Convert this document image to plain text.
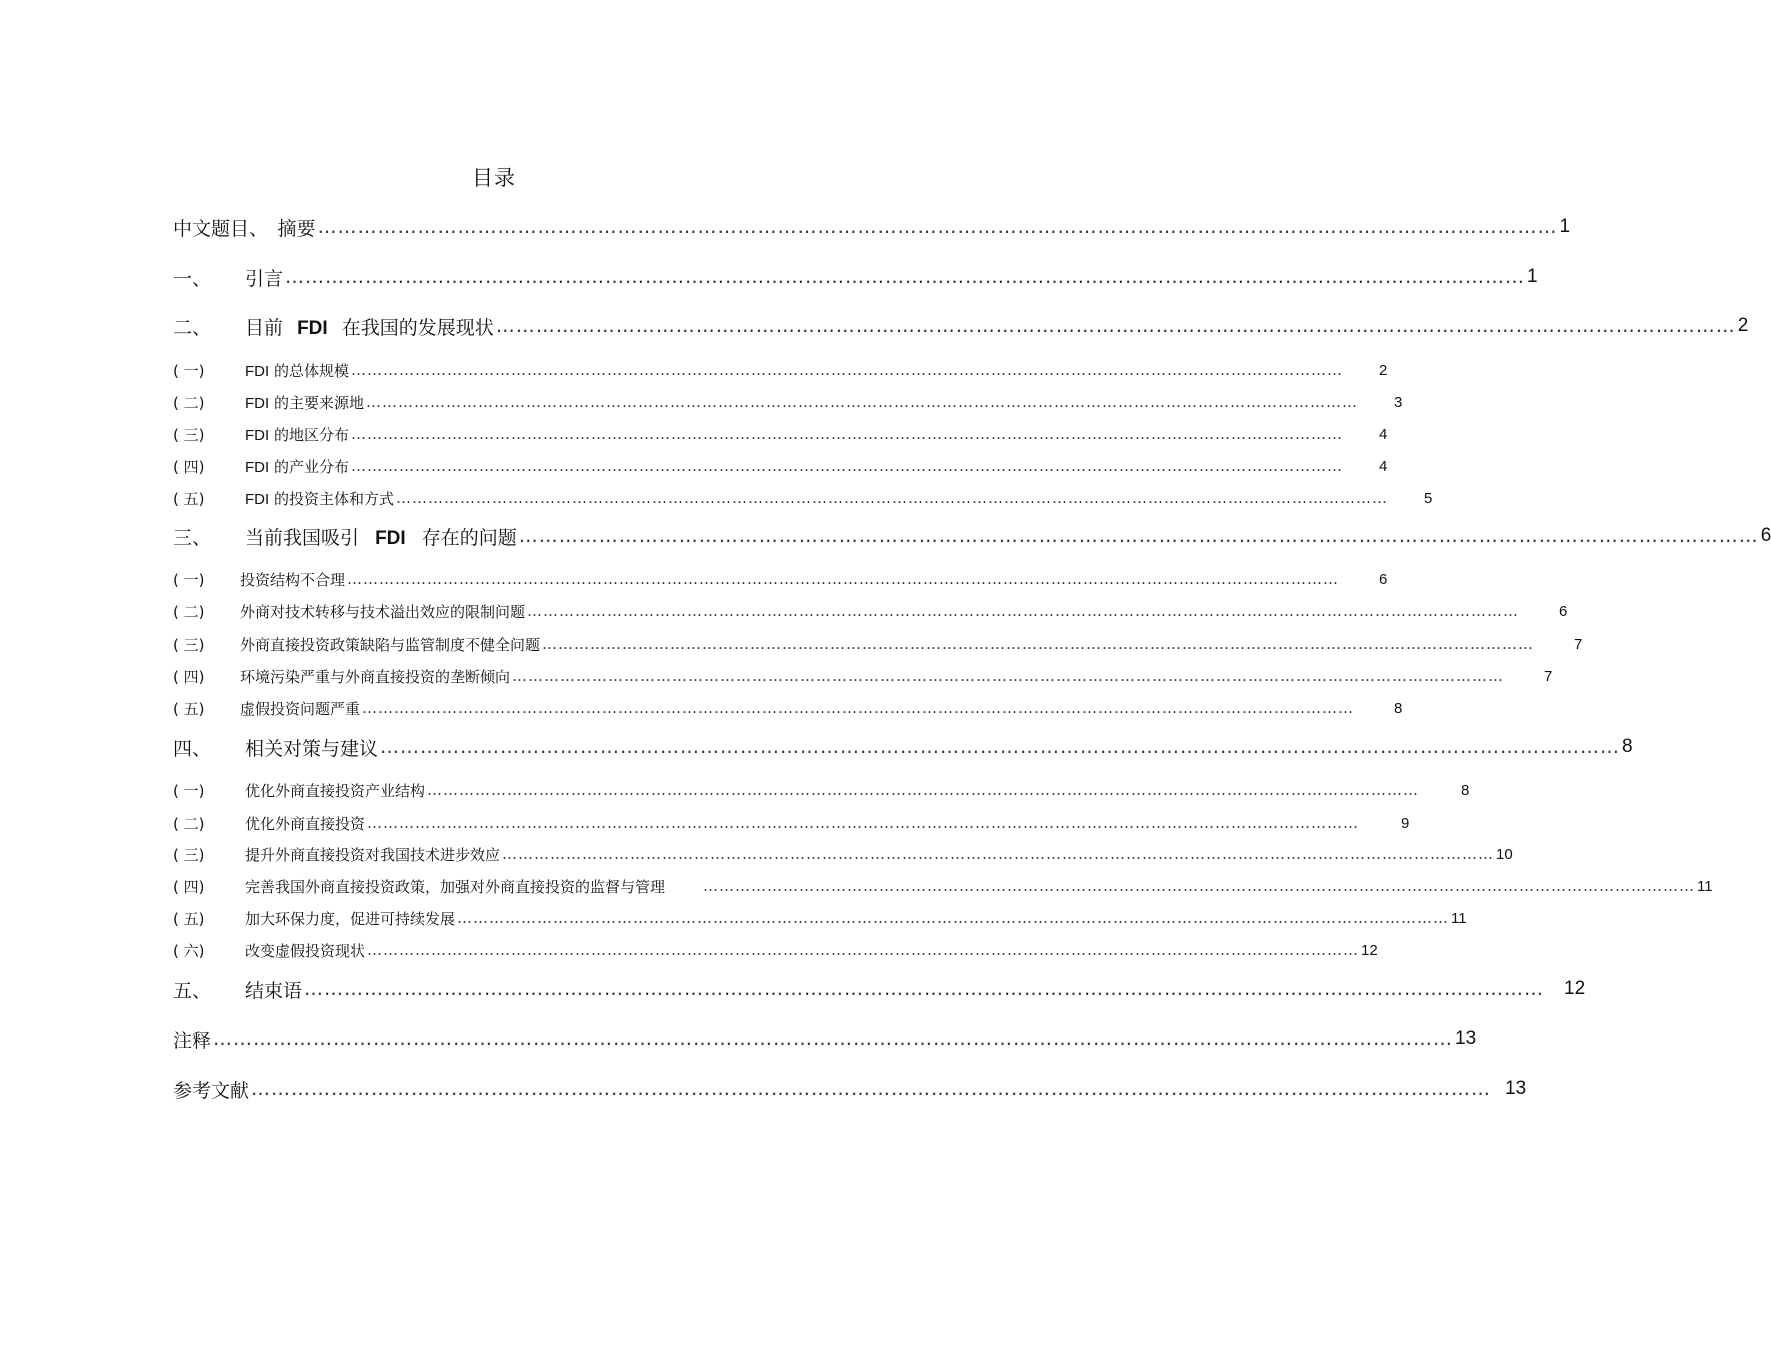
目录
中文题目、　摘要 …………………………………………………………………………………………………………………………………………………………………… 1
一、	引言 …………………………………………………………………………………………………………………………………………………………………… 1
二、	目前 FDI 在我国的发展现状 …………………………………………………………………………………………………………………………………………………………………… 2
( 一)	FDI 的总体规模 …………………………………………………………………………………………………………………………………………………………………… 2
( 二)	FDI 的主要来源地 …………………………………………………………………………………………………………………………………………………………………… 3
( 三)	FDI 的地区分布 …………………………………………………………………………………………………………………………………………………………………… 4
( 四)	FDI 的产业分布 …………………………………………………………………………………………………………………………………………………………………… 4
( 五)	FDI 的投资主体和方式 …………………………………………………………………………………………………………………………………………………………………… 5
三、	当前我国吸引 FDI 存在的问题 …………………………………………………………………………………………………………………………………………………………………… 6
( 一)	投资结构不合理 ……………………………………………………………………………………………………………………………………………………………………	6
( 二)	外商对技术转移与技术溢出效应的限制问题 ……………………………………………………………………………………………………………………………………………………………………	6
( 三)	外商直接投资政策缺陷与监管制度不健全问题 ……………………………………………………………………………………………………………………………………………………………………	7
( 四)	环境污染严重与外商直接投资的垄断倾向 ……………………………………………………………………………………………………………………………………………………………………	7
( 五)	虚假投资问题严重 ……………………………………………………………………………………………………………………………………………………………………	8
四、	相关对策与建议 …………………………………………………………………………………………………………………………………………………………………… 8
( 一)	优化外商直接投资产业结构 ……………………………………………………………………………………………………………………………………………………………………	8
( 二)	优化外商直接投资 ……………………………………………………………………………………………………………………………………………………………………	9
( 三)	提升外商直接投资对我国技术进步效应 …………………………………………………………………………………………………………………………………………………………………… 10
( 四)	完善我国外商直接投资政策，加强对外商直接投资的监督与管理	…………………………………………………………………………………………………………………………………………………………………… 11
( 五)	加大环保力度，促进可持续发展 …………………………………………………………………………………………………………………………………………………………………… 11
( 六)	改变虚假投资现状 …………………………………………………………………………………………………………………………………………………………………… 12
五、	结束语 …………………………………………………………………………………………………………………………………………………………………… 12
注释 …………………………………………………………………………………………………………………………………………………………………… 13
参考文献 …………………………………………………………………………………………………………………………………………………………………… 13
